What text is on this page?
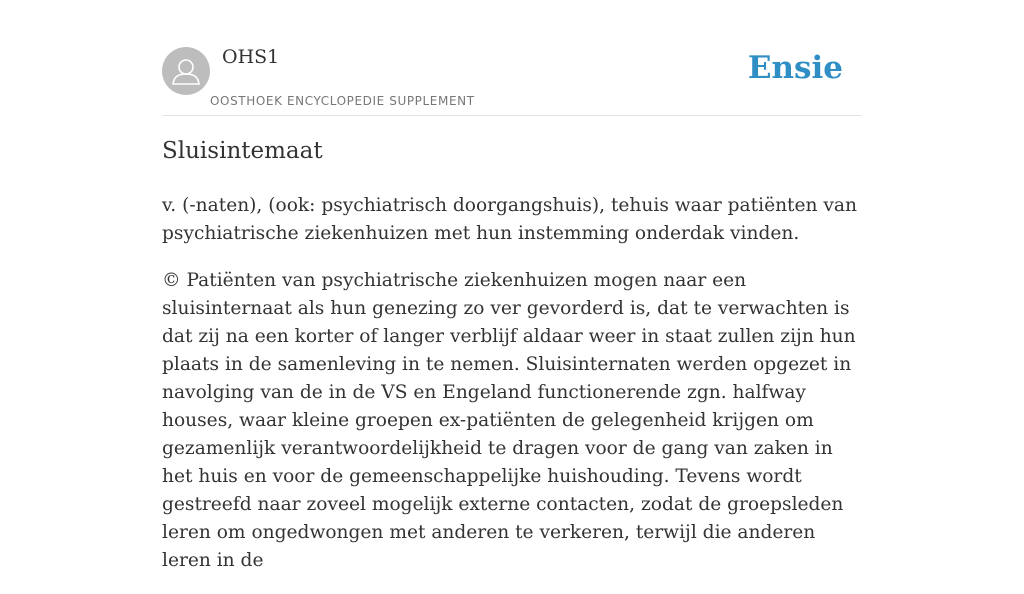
OHS1
OOSTHOEK ENCYCLOPEDIE SUPPLEMENT
Ensie
Sluisintemaat

v. (-naten), (ook: psychiatrisch doorgangshuis), tehuis waar patiënten van psychiatrische ziekenhuizen met hun instemming onderdak vinden.

© Patiënten van psychiatrische ziekenhuizen mogen naar een sluisinternaat als hun genezing zo ver gevorderd is, dat te verwachten is dat zij na een korter of langer verblijf aldaar weer in staat zullen zijn hun plaats in de samenleving in te nemen. Sluisinternaten werden opgezet in navolging van de in de VS en Engeland functionerende zgn. halfway houses, waar kleine groepen ex-patiënten de gelegenheid krijgen om gezamenlijk verantwoordelijkheid te dragen voor de gang van zaken in het huis en voor de gemeenschappelijke huishouding. Tevens wordt gestreefd naar zoveel mogelijk externe contacten, zodat de groepsleden leren om ongedwongen met anderen te verkeren, terwijl die anderen leren in de
